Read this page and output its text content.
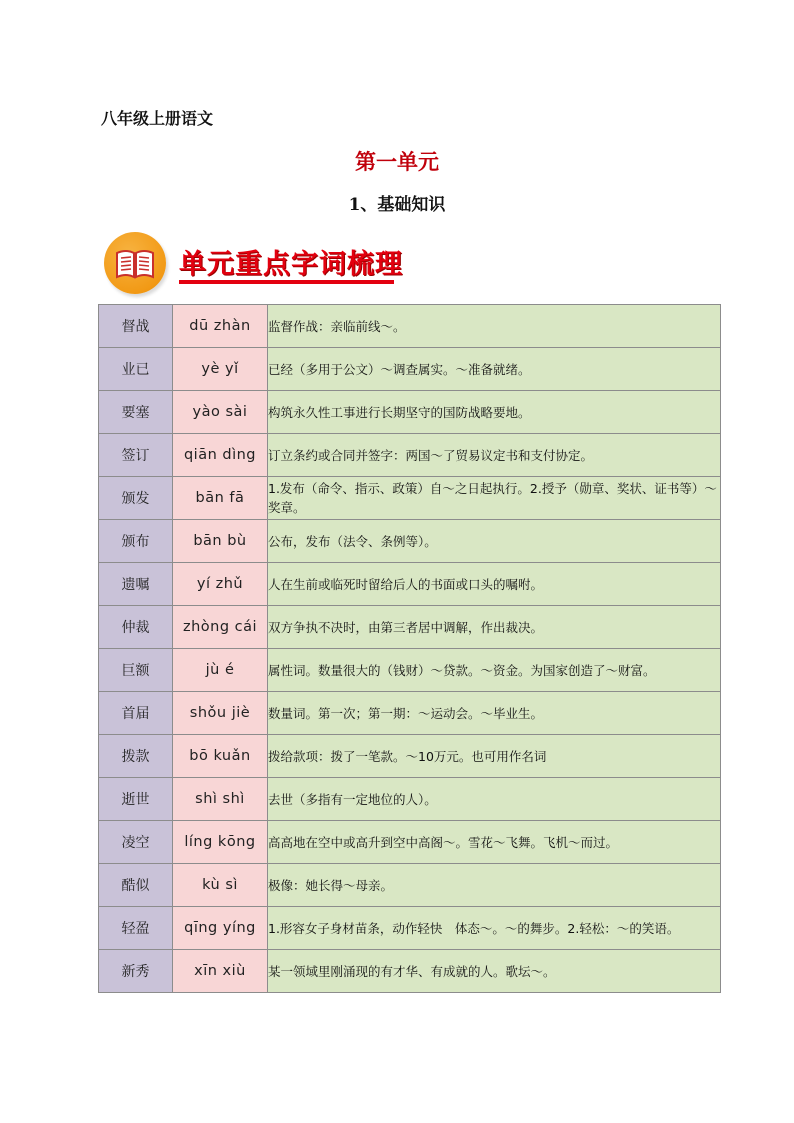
八年级上册语文
第一单元
1、基础知识
单元重点字词梳理
督战	dū zhàn	监督作战：亲临前线～。
业已	yè yǐ	已经（多用于公文）～调查属实。～准备就绪。
要塞	yào sài	构筑永久性工事进行长期坚守的国防战略要地。
签订	qiān dìng	订立条约或合同并签字：两国～了贸易议定书和支付协定。
颁发	bān fā	1.发布（命令、指示、政策）自～之日起执行。2.授予（勋章、奖状、证书等）～奖章。
颁布	bān bù	公布，发布（法令、条例等）。
遗嘱	yí zhǔ	人在生前或临死时留给后人的书面或口头的嘱咐。
仲裁	zhòng cái	双方争执不决时，由第三者居中调解，作出裁决。
巨额	jù é	属性词。数量很大的（钱财）～贷款。～资金。为国家创造了～财富。
首届	shǒu jiè	数量词。第一次；第一期：～运动会。～毕业生。
拨款	bō kuǎn	拨给款项：拨了一笔款。～10万元。也可用作名词
逝世	shì shì	去世（多指有一定地位的人）。
凌空	líng kōng	高高地在空中或高升到空中高阁～。雪花～飞舞。飞机～而过。
酷似	kù sì	极像：她长得～母亲。
轻盈	qīng yíng	1.形容女子身材苗条，动作轻快　体态～。～的舞步。2.轻松：～的笑语。
新秀	xīn xiù	某一领域里刚涌现的有才华、有成就的人。歌坛～。
